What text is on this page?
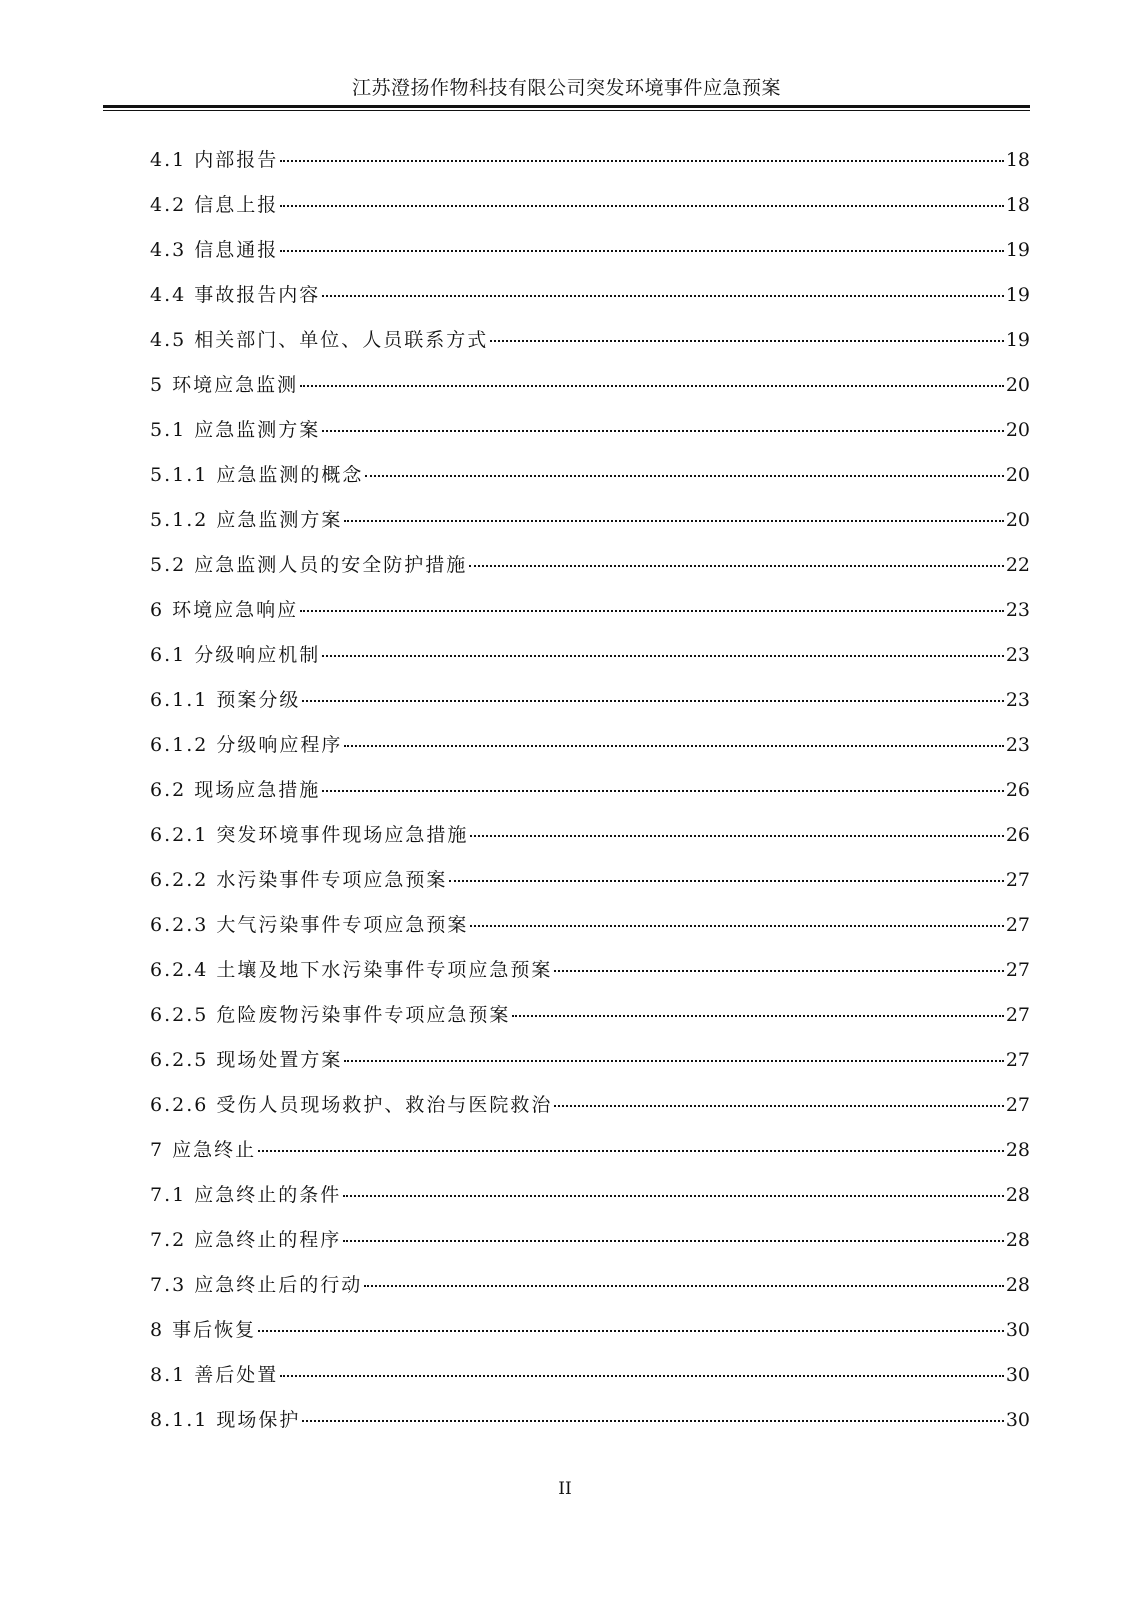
江苏澄扬作物科技有限公司突发环境事件应急预案
4.1 内部报告	18
4.2 信息上报	18
4.3 信息通报	19
4.4 事故报告内容	19
4.5 相关部门、单位、人员联系方式	19
5 环境应急监测	20
5.1 应急监测方案	20
5.1.1 应急监测的概念	20
5.1.2 应急监测方案	20
5.2 应急监测人员的安全防护措施	22
6 环境应急响应	23
6.1 分级响应机制	23
6.1.1 预案分级	23
6.1.2 分级响应程序	23
6.2 现场应急措施	26
6.2.1 突发环境事件现场应急措施	26
6.2.2 水污染事件专项应急预案	27
6.2.3 大气污染事件专项应急预案	27
6.2.4 土壤及地下水污染事件专项应急预案	27
6.2.5 危险废物污染事件专项应急预案	27
6.2.5 现场处置方案	27
6.2.6 受伤人员现场救护、救治与医院救治	27
7 应急终止	28
7.1 应急终止的条件	28
7.2 应急终止的程序	28
7.3 应急终止后的行动	28
8 事后恢复	30
8.1 善后处置	30
8.1.1 现场保护	30
II
